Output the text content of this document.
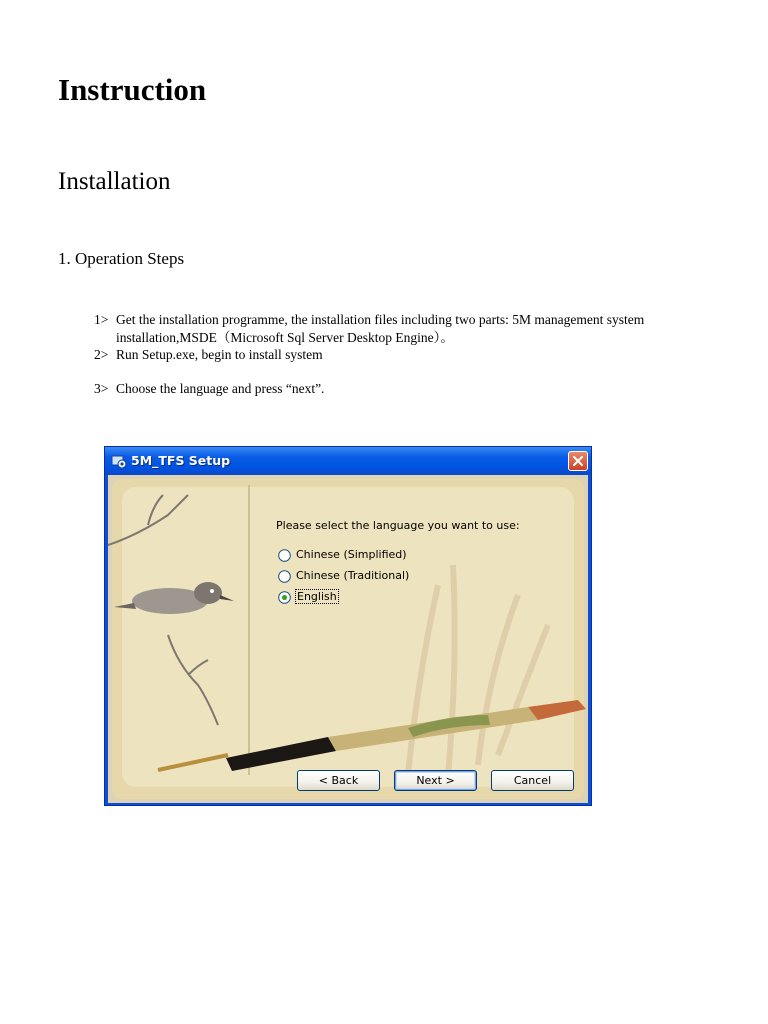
Instruction
Installation
1. Operation Steps
1> Get the installation programme, the installation files including two parts: 5M management system installation,MSDE（Microsoft Sql Server Desktop Engine）。
2> Run Setup.exe, begin to install system
3> Choose the language and press “next”.
5M_TFS Setup
Please select the language you want to use:
Chinese (Simplified)
Chinese (Traditional)
English
< Back	Next >	Cancel
